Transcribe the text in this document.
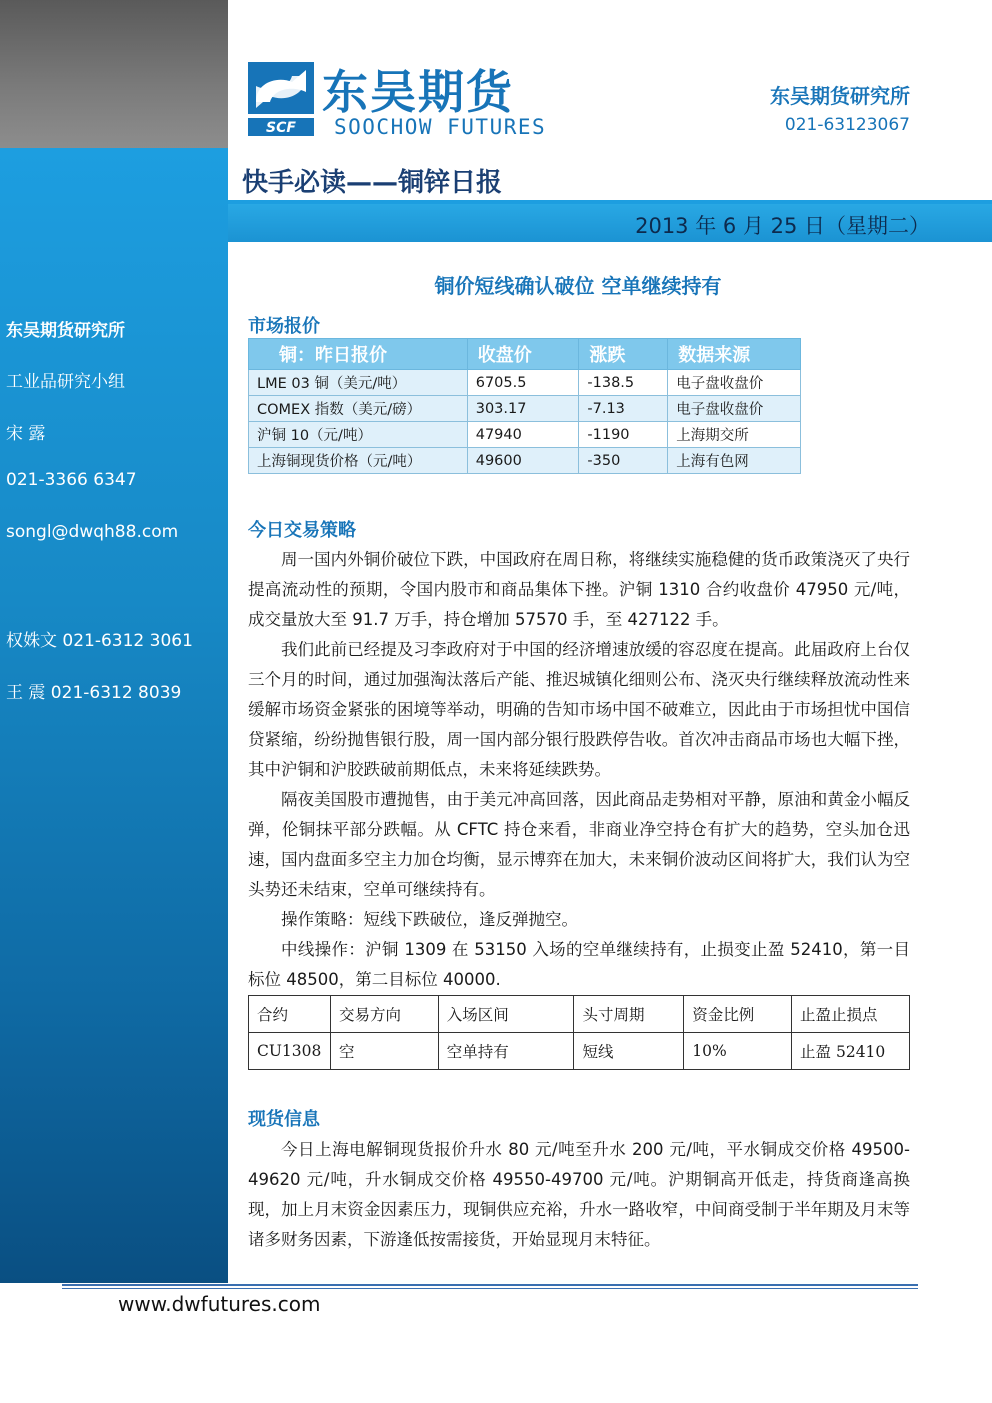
东吴期货研究所
工业品研究小组
宋 露
021-3366 6347
songl@dwqh88.com
权姝文 021-6312 3061
王 震 021-6312 8039
SCF
东吴期货
SOOCHOW FUTURES
东吴期货研究所
021-63123067
快手必读——铜锌日报
2013 年 6 月 25 日（星期二）
铜价短线确认破位 空单继续持有
市场报价
铜：昨日报价	收盘价	涨跌	数据来源
LME 03 铜（美元/吨）	6705.5	-138.5	电子盘收盘价
COMEX 指数（美元/磅）	303.17	-7.13	电子盘收盘价
沪铜 10（元/吨）	47940	-1190	上海期交所
上海铜现货价格（元/吨）	49600	-350	上海有色网
今日交易策略

周一国内外铜价破位下跌，中国政府在周日称，将继续实施稳健的货币政策浇灭了央行提高流动性的预期，令国内股市和商品集体下挫。沪铜 1310 合约收盘价 47950 元/吨，成交量放大至 91.7 万手，持仓增加 57570 手，至 427122 手。

我们此前已经提及习李政府对于中国的经济增速放缓的容忍度在提高。此届政府上台仅三个月的时间，通过加强淘汰落后产能、推迟城镇化细则公布、浇灭央行继续释放流动性来缓解市场资金紧张的困境等举动，明确的告知市场中国不破难立，因此由于市场担忧中国信贷紧缩，纷纷抛售银行股，周一国内部分银行股跌停告收。首次冲击商品市场也大幅下挫，其中沪铜和沪胶跌破前期低点，未来将延续跌势。

隔夜美国股市遭抛售，由于美元冲高回落，因此商品走势相对平静，原油和黄金小幅反弹，伦铜抹平部分跌幅。从 CFTC 持仓来看，非商业净空持仓有扩大的趋势，空头加仓迅速，国内盘面多空主力加仓均衡，显示博弈在加大，未来铜价波动区间将扩大，我们认为空头势还未结束，空单可继续持有。

操作策略：短线下跌破位，逢反弹抛空。

中线操作：沪铜 1309 在 53150 入场的空单继续持有，止损变止盈 52410，第一目标位 48500，第二目标位 40000.

合约	交易方向	入场区间	头寸周期	资金比例	止盈止损点
CU1308	空	空单持有	短线	10%	止盈 52410
现货信息

今日上海电解铜现货报价升水 80 元/吨至升水 200 元/吨，平水铜成交价格 49500-49620 元/吨，升水铜成交价格 49550-49700 元/吨。沪期铜高开低走，持货商逢高换现，加上月末资金因素压力，现铜供应充裕，升水一路收窄，中间商受制于半年期及月末等诸多财务因素，下游逢低按需接货，开始显现月末特征。

www.dwfutures.com
